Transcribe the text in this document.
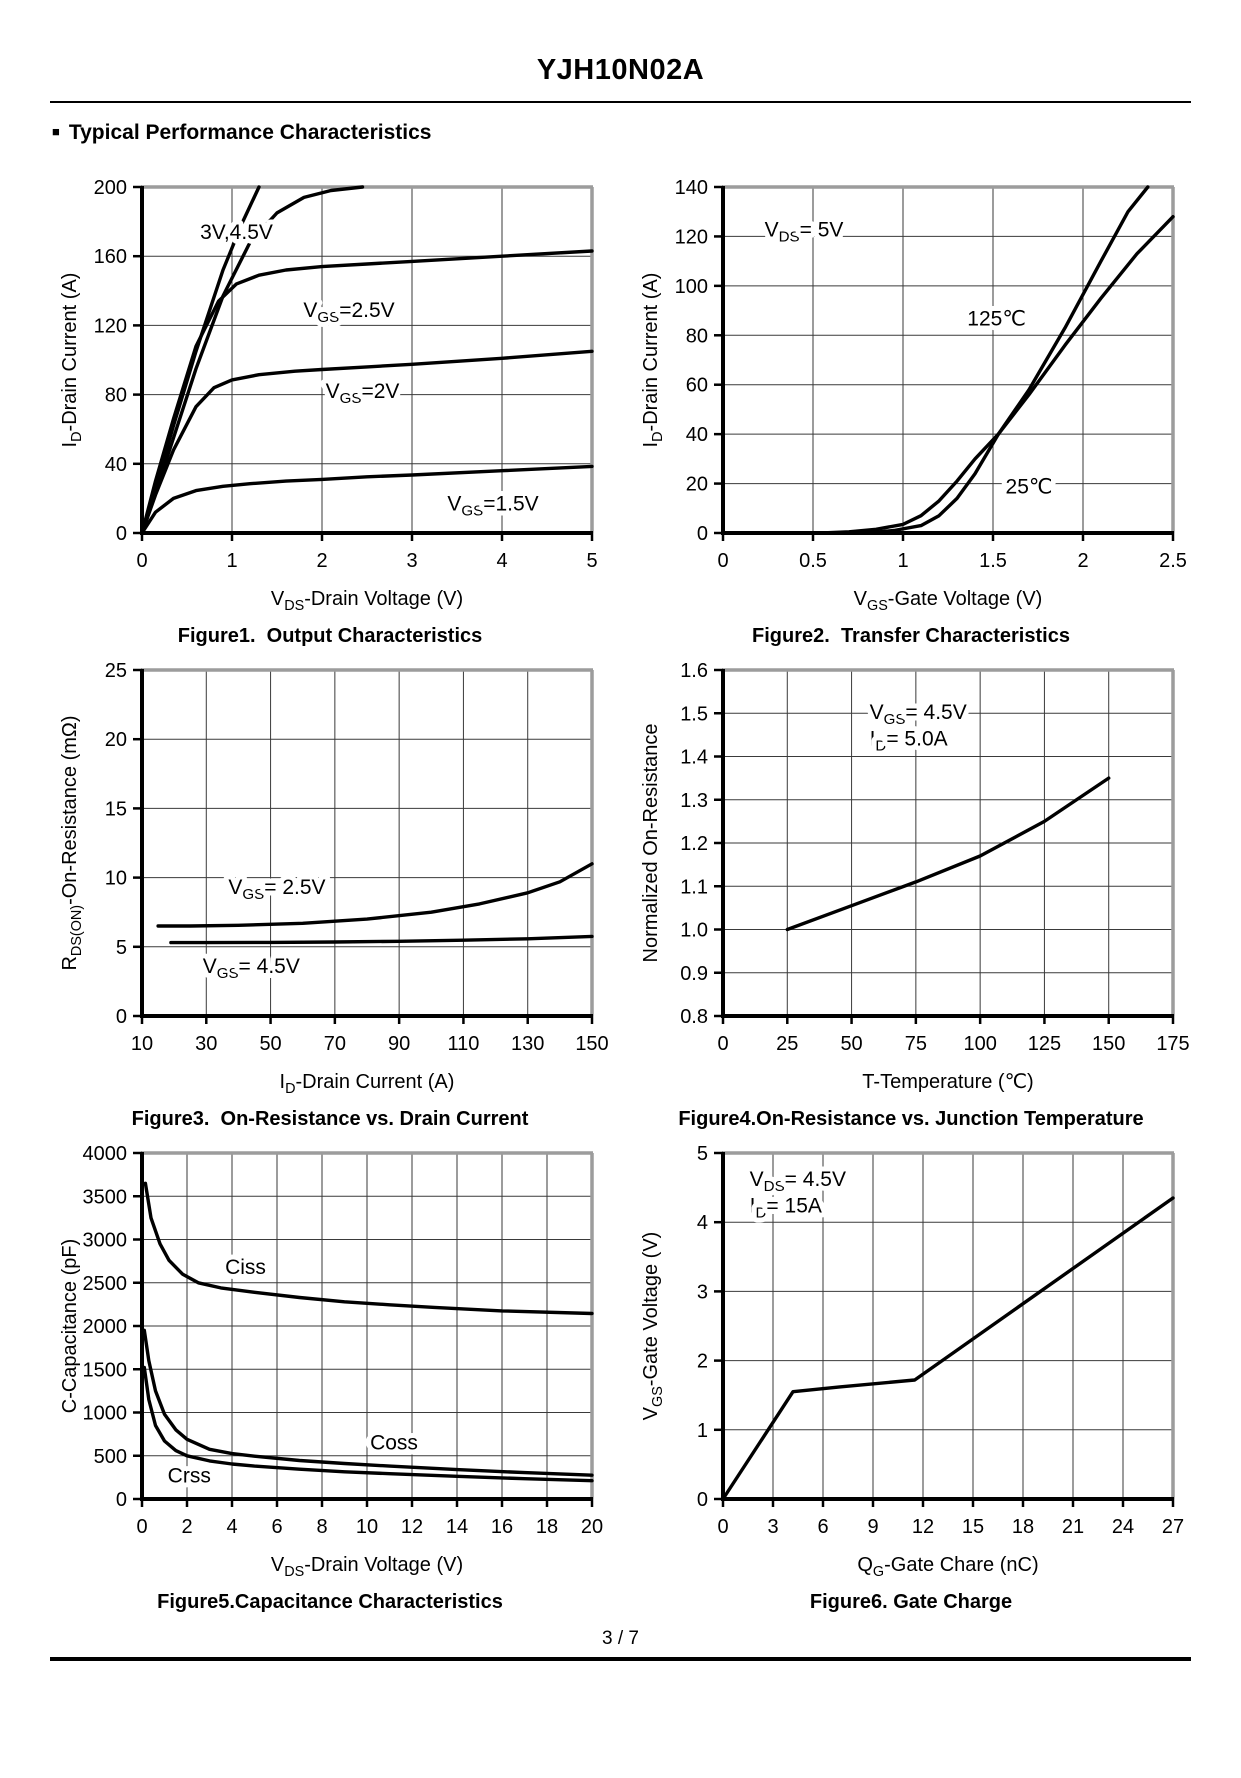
YJH10N02A
■ Typical Performance Characteristics
0	1	2	3	4	5
0
40
80
120
160
200
$V_{DS}$-Drain Voltage (V)
$I_D$-Drain Current (A)
3V,4.5V
$V_{GS}=2.5V$
$V_{GS}=2V$
$V_{GS}=1.5V$
Figure1.  Output Characteristics
0	0.5	1	1.5	2	2.5
0
20
40
60
80
100
120
140
$V_{GS}$-Gate Voltage (V)
$I_D$-Drain Current (A)
$V_{DS}= 5V$
125℃
25℃
Figure2.  Transfer Characteristics
10 30 50 70 90 110 130 150
0
5
10
15
20
25
$I_D$-Drain Current (A)
$R_{DS(ON)}-On$-Resistance (mΩ)	$V_{GS}= 2.5V$
$V_{GS}= 4.5V$
Figure3.  On-Resistance vs. Drain Current
0 25 50 75 100 125 150 175
0.8
0.9
1.0
1.1
1.2
1.3
1.4
1.5
1.6
T-Temperature (℃)
Normalized On-Resistance
$V_{GS}= 4.5V$
$I_D= 5.0A$
Figure4.On-Resistance vs. Junction Temperature
0 2 4 6 8 10 12 14 16 18 20
0
500
1000
1500
2000
2500
3000
3500
4000
$V_{DS}$-Drain Voltage (V)
C-Capacitance (pF)	Ciss
Coss
Crss
Figure5.Capacitance Characteristics
0 3 6 9 12 15 18 21 24 27
0
1
2
3
4
5
$Q_G$-Gate Chare (nC)
$V_{GS}$-Gate Voltage (V)
$V_{DS}= 4.5V$
$I_D= 15A$
Figure6. Gate Charge
3 / 7
